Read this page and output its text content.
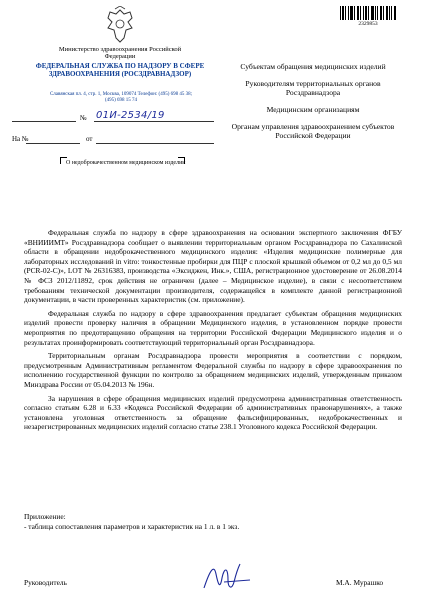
Министерство здравоохранения Российской Федерации
ФЕДЕРАЛЬНАЯ СЛУЖБА ПО НАДЗОРУ В СФЕРЕ ЗДРАВООХРАНЕНИЯ (РОСЗДРАВНАДЗОР)
Славянская пл. 4, стр. 1, Москва, 109074 Телефон: (495) 698 45 38; (495) 698 15 74
2329853
№ 01И-2534/19
На №	от
О недоброкачественном медицинском изделии

Субъектам обращения медицинских изделий

Руководителям территориальных органов Росздравнадзора

Медицинским организациям

Органам управления здравоохранением субъектов Российской Федерации

Федеральная служба по надзору в сфере здравоохранения на основании экспертного заключения ФГБУ «ВНИИИМТ» Росздравнадзора сообщает о выявлении территориальным органом Росздравнадзора по Сахалинской области в обращении недоброкачественного медицинского изделия: «Изделия медицинские полимерные для лабораторных исследований in vitro: тонкостенные пробирки для ПЦР с плоской крышкой объемом от 0,2 мл до 0,5 мл (PCR-02-C)», LOT № 26316383, производства «Эксиджен, Инк.», США, регистрационное удостоверение от 26.08.2014 № ФСЗ 2012/11892, срок действия не ограничен (далее – Медицинское изделие), в связи с несоответствием требованиям технической документации производителя, содержащейся в комплекте данной регистрационной документации, в части проверенных характеристик (см. приложение).

Федеральная служба по надзору в сфере здравоохранения предлагает субъектам обращения медицинских изделий провести проверку наличия в обращении Медицинского изделия, в установленном порядке провести мероприятия по предотвращению обращения на территории Российской Федерации Медицинского изделия и о результатах проинформировать соответствующий территориальный орган Росздравнадзора.

Территориальным органам Росздравнадзора провести мероприятия в соответствии с порядком, предусмотренным Административным регламентом Федеральной службы по надзору в сфере здравоохранения по исполнению государственной функции по контролю за обращением медицинских изделий, утвержденным приказом Минздрава России от 05.04.2013 № 196н.

За нарушения в сфере обращения медицинских изделий предусмотрена административная ответственность согласно статьям 6.28 и 6.33 «Кодекса Российской Федерации об административных правонарушениях», а также установлена уголовная ответственность за обращение фальсифицированных, недоброкачественных и незарегистрированных медицинских изделий согласно статье 238.1 Уголовного кодекса Российской Федерации.

Приложение:
- таблица сопоставления параметров и характеристик на 1 л. в 1 экз.
Руководитель	М.А. Мурашко
